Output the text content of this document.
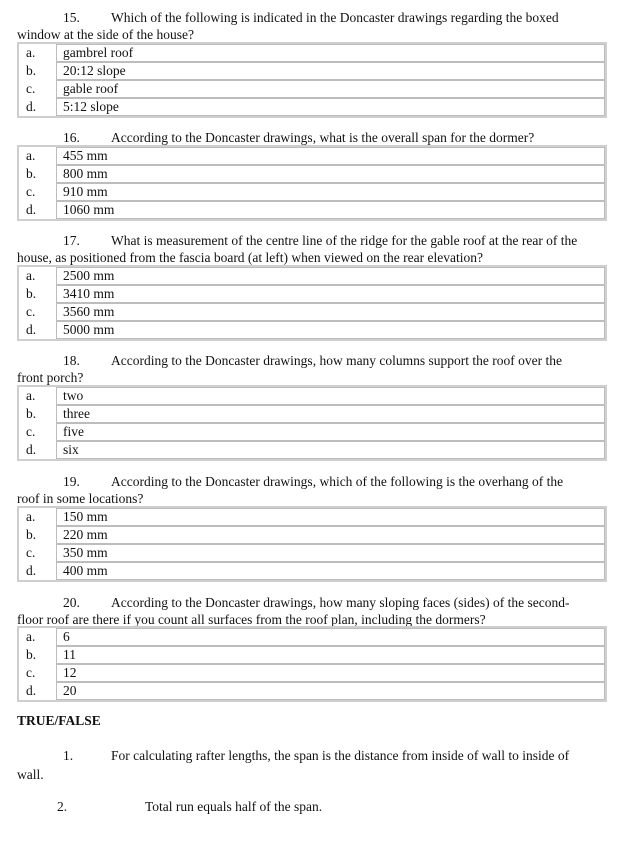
15. Which of the following is indicated in the Doncaster drawings regarding the boxed
window at the side of the house?
a.	gambrel roof
b.	20:12 slope
c.	gable roof
d.	5:12 slope
16. According to the Doncaster drawings, what is the overall span for the dormer?
a.	455 mm
b.	800 mm
c.	910 mm
d.	1060 mm
17. What is measurement of the centre line of the ridge for the gable roof at the rear of the
house, as positioned from the fascia board (at left) when viewed on the rear elevation?
a.	2500 mm
b.	3410 mm
c.	3560 mm
d.	5000 mm
18. According to the Doncaster drawings, how many columns support the roof over the
front porch?
a.	two
b.	three
c.	five
d.	six
19. According to the Doncaster drawings, which of the following is the overhang of the
roof in some locations?
a.	150 mm
b.	220 mm
c.	350 mm
d.	400 mm
20. According to the Doncaster drawings, how many sloping faces (sides) of the second-
floor roof are there if you count all surfaces from the roof plan, including the dormers?
a.	6
b.	11
c.	12
d.	20
TRUE/FALSE
1.	For calculating rafter lengths, the span is the distance from inside of wall to inside of
wall.
2.	Total run equals half of the span.
